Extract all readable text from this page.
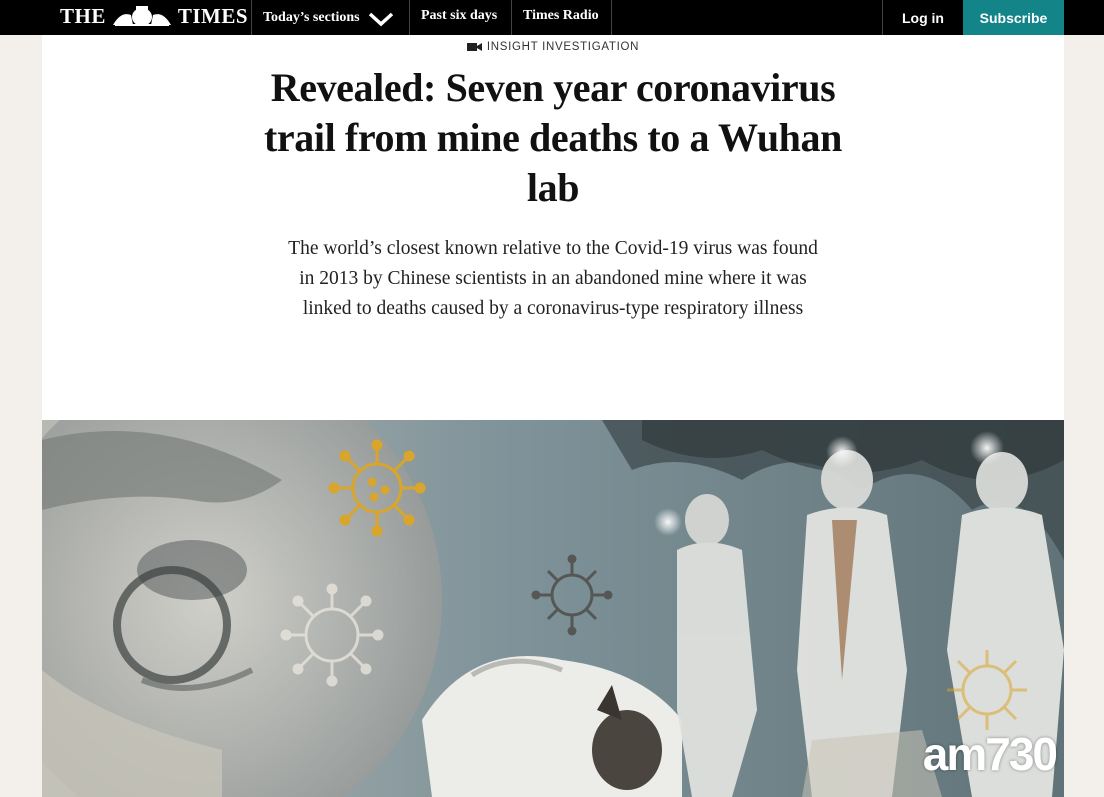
THE	TIMES Today’s sections	Past six days	Times Radio	Log in	Subscribe
INSIGHT INVESTIGATION
Revealed: Seven year coronavirus trail from mine deaths to a Wuhan lab

The world’s closest known relative to the Covid-19 virus was found in 2013 by Chinese scientists in an abandoned mine where it was linked to deaths caused by a coronavirus-type respiratory illness

am730
